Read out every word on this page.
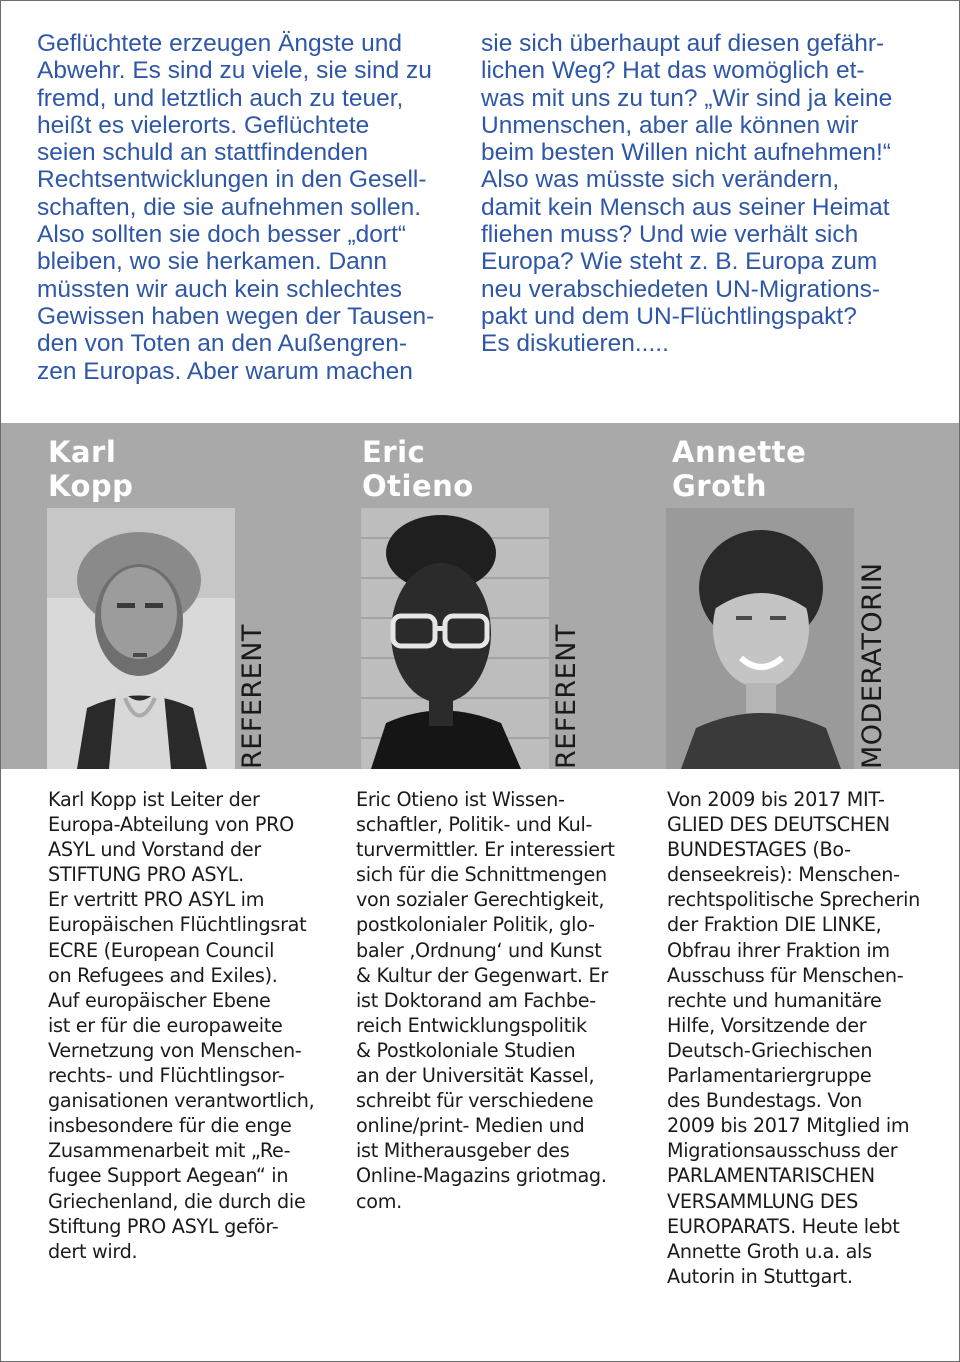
Geflüchtete erzeugen Ängste und
Abwehr. Es sind zu viele, sie sind zu
fremd, und letztlich auch zu teuer,
heißt es vielerorts. Geflüchtete
seien schuld an stattfindenden
Rechtsentwicklungen in den Gesell-
schaften, die sie aufnehmen sollen.
Also sollten sie doch besser „dort“
bleiben, wo sie herkamen. Dann
müssten wir auch kein schlechtes
Gewissen haben wegen der Tausen-
den von Toten an den Außengren-
zen Europas. Aber warum machen

sie sich überhaupt auf diesen gefähr-
lichen Weg? Hat das womöglich et-
was mit uns zu tun? „Wir sind ja keine
Unmenschen, aber alle können wir
beim besten Willen nicht aufnehmen!“
Also was müsste sich verändern,
damit kein Mensch aus seiner Heimat
fliehen muss? Und wie verhält sich
Europa? Wie steht z. B. Europa zum
neu verabschiedeten UN-Migrations-
pakt und dem UN-Flüchtlingspakt?
Es diskutieren.....

Karl
Kopp

REFERENT

Karl Kopp ist Leiter der
Europa-Abteilung von PRO
ASYL und Vorstand der
STIFTUNG PRO ASYL.
Er vertritt PRO ASYL im
Europäischen Flüchtlingsrat
ECRE (European Council
on Refugees and Exiles).
Auf europäischer Ebene
ist er für die europaweite
Vernetzung von Menschen-
rechts- und Flüchtlingsor-
ganisationen verantwortlich,
insbesondere für die enge
Zusammenarbeit mit „Re-
fugee Support Aegean“ in
Griechenland, die durch die
Stiftung PRO ASYL geför-
dert wird.

Eric
Otieno

REFERENT

Eric Otieno ist Wissen-
schaftler, Politik- und Kul-
turvermittler. Er interessiert
sich für die Schnittmengen
von sozialer Gerechtigkeit,
postkolonialer Politik, glo-
baler ‚Ordnung‘ und Kunst
& Kultur der Gegenwart. Er
ist Doktorand am Fachbe-
reich Entwicklungspolitik
& Postkoloniale Studien
an der Universität Kassel,
schreibt für verschiedene
online/print- Medien und
ist Mitherausgeber des
Online-Magazins griotmag.
com.

Annette
Groth

MODERATORIN

Von 2009 bis 2017 MIT-
GLIED DES DEUTSCHEN
BUNDESTAGES (Bo-
denseekreis): Menschen-
rechtspolitische Sprecherin
der Fraktion DIE LINKE,
Obfrau ihrer Fraktion im
Ausschuss für Menschen-
rechte und humanitäre
Hilfe, Vorsitzende der
Deutsch-Griechischen
Parlamentariergruppe
des Bundestags. Von
2009 bis 2017 Mitglied im
Migrationsausschuss der
PARLAMENTARISCHEN
VERSAMMLUNG DES
EUROPARATS. Heute lebt
Annette Groth u.a. als
Autorin in Stuttgart.
